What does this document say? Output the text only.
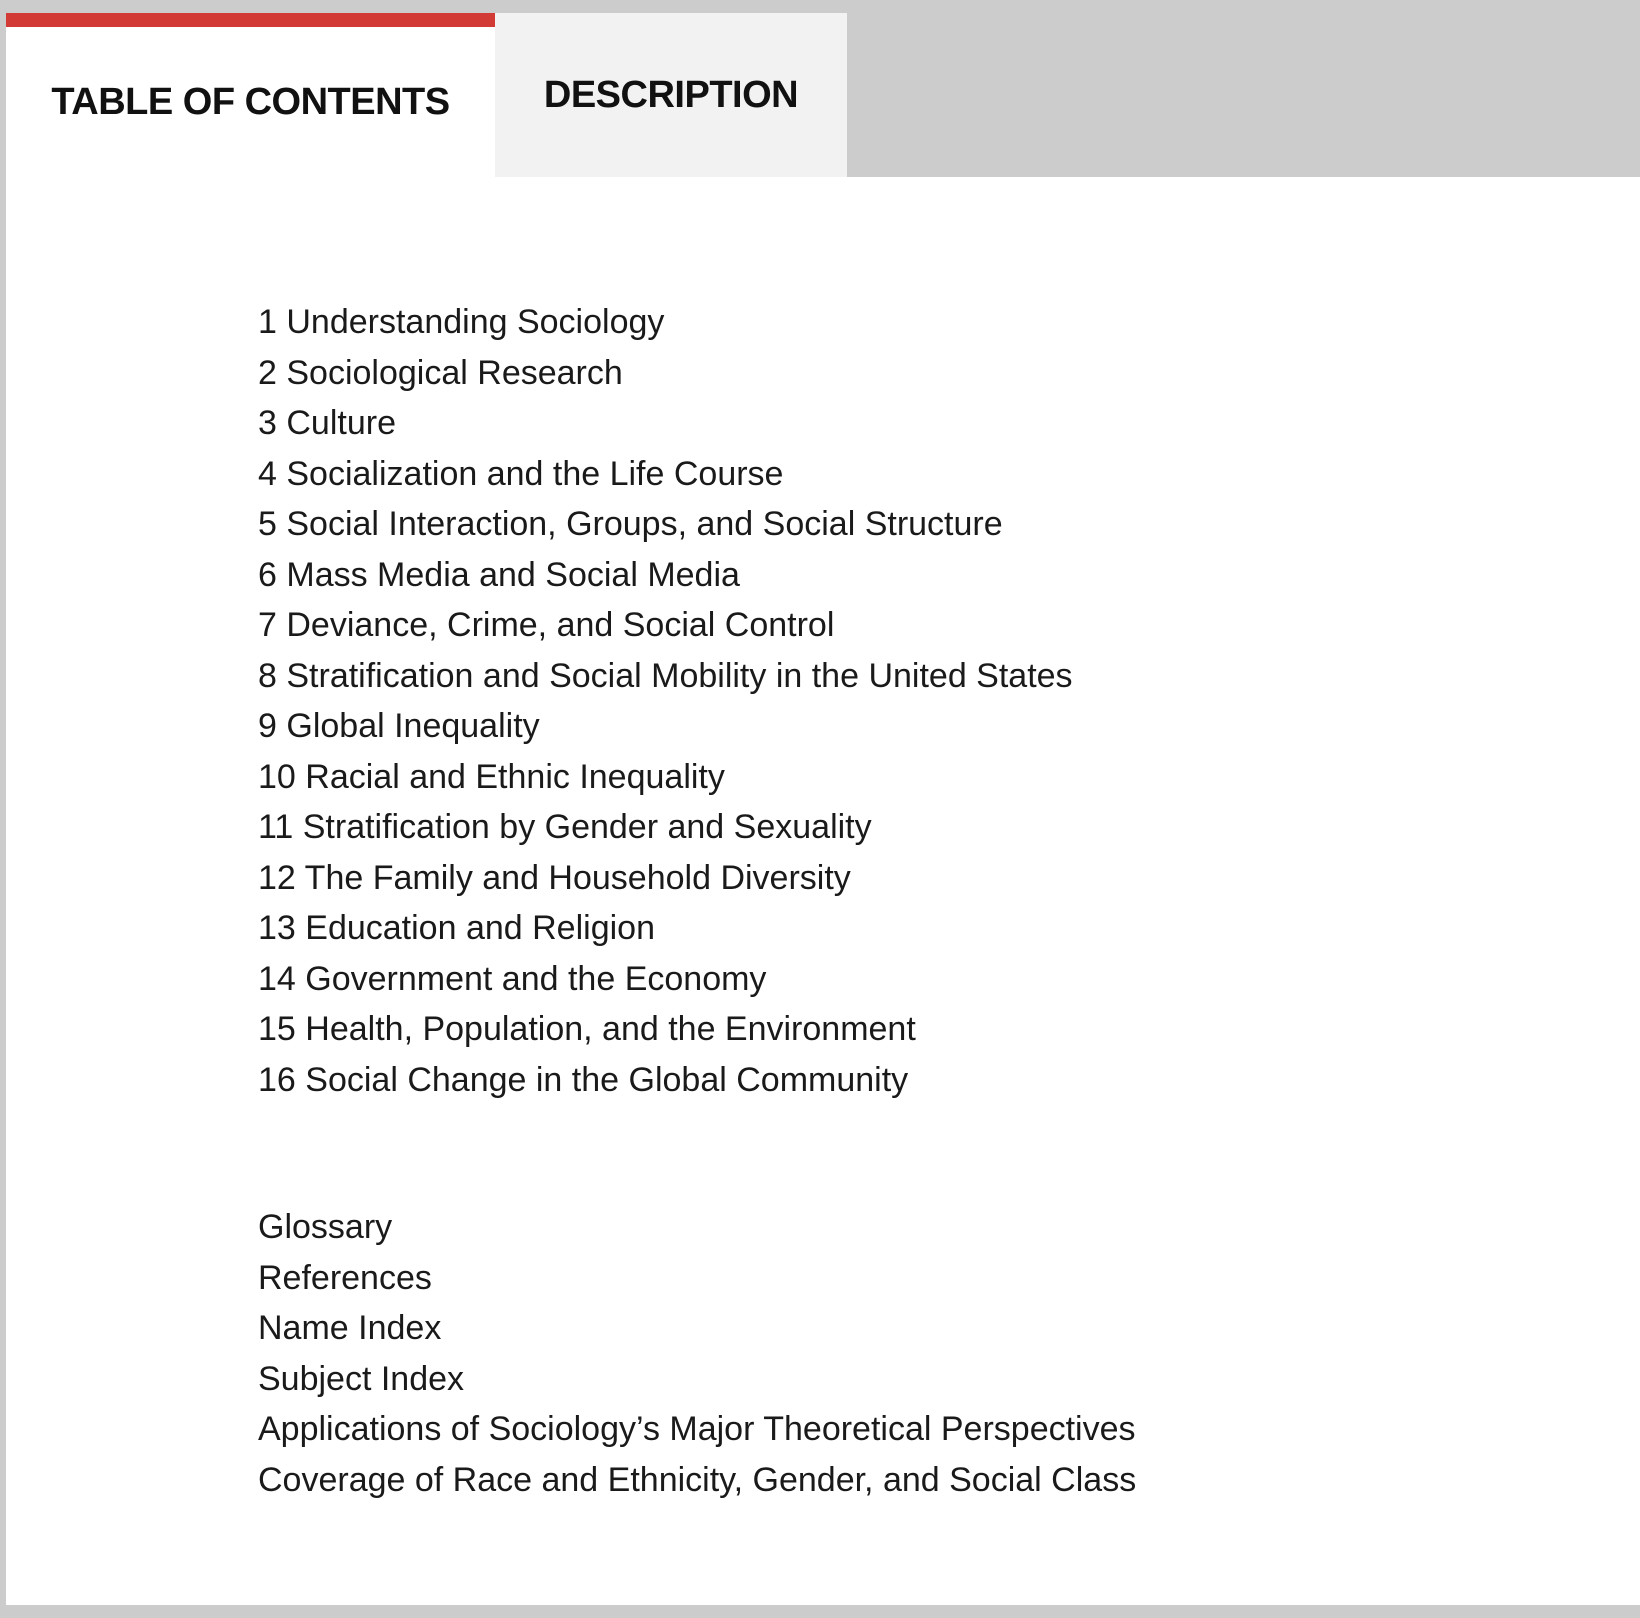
TABLE OF CONTENTS	DESCRIPTION
1 Understanding Sociology
2 Sociological Research
3 Culture
4 Socialization and the Life Course
5 Social Interaction, Groups, and Social Structure
6 Mass Media and Social Media
7 Deviance, Crime, and Social Control
8 Stratification and Social Mobility in the United States
9 Global Inequality
10 Racial and Ethnic Inequality
11 Stratification by Gender and Sexuality
12 The Family and Household Diversity
13 Education and Religion
14 Government and the Economy
15 Health, Population, and the Environment
16 Social Change in the Global Community
Glossary
References
Name Index
Subject Index
Applications of Sociology’s Major Theoretical Perspectives
Coverage of Race and Ethnicity, Gender, and Social Class
